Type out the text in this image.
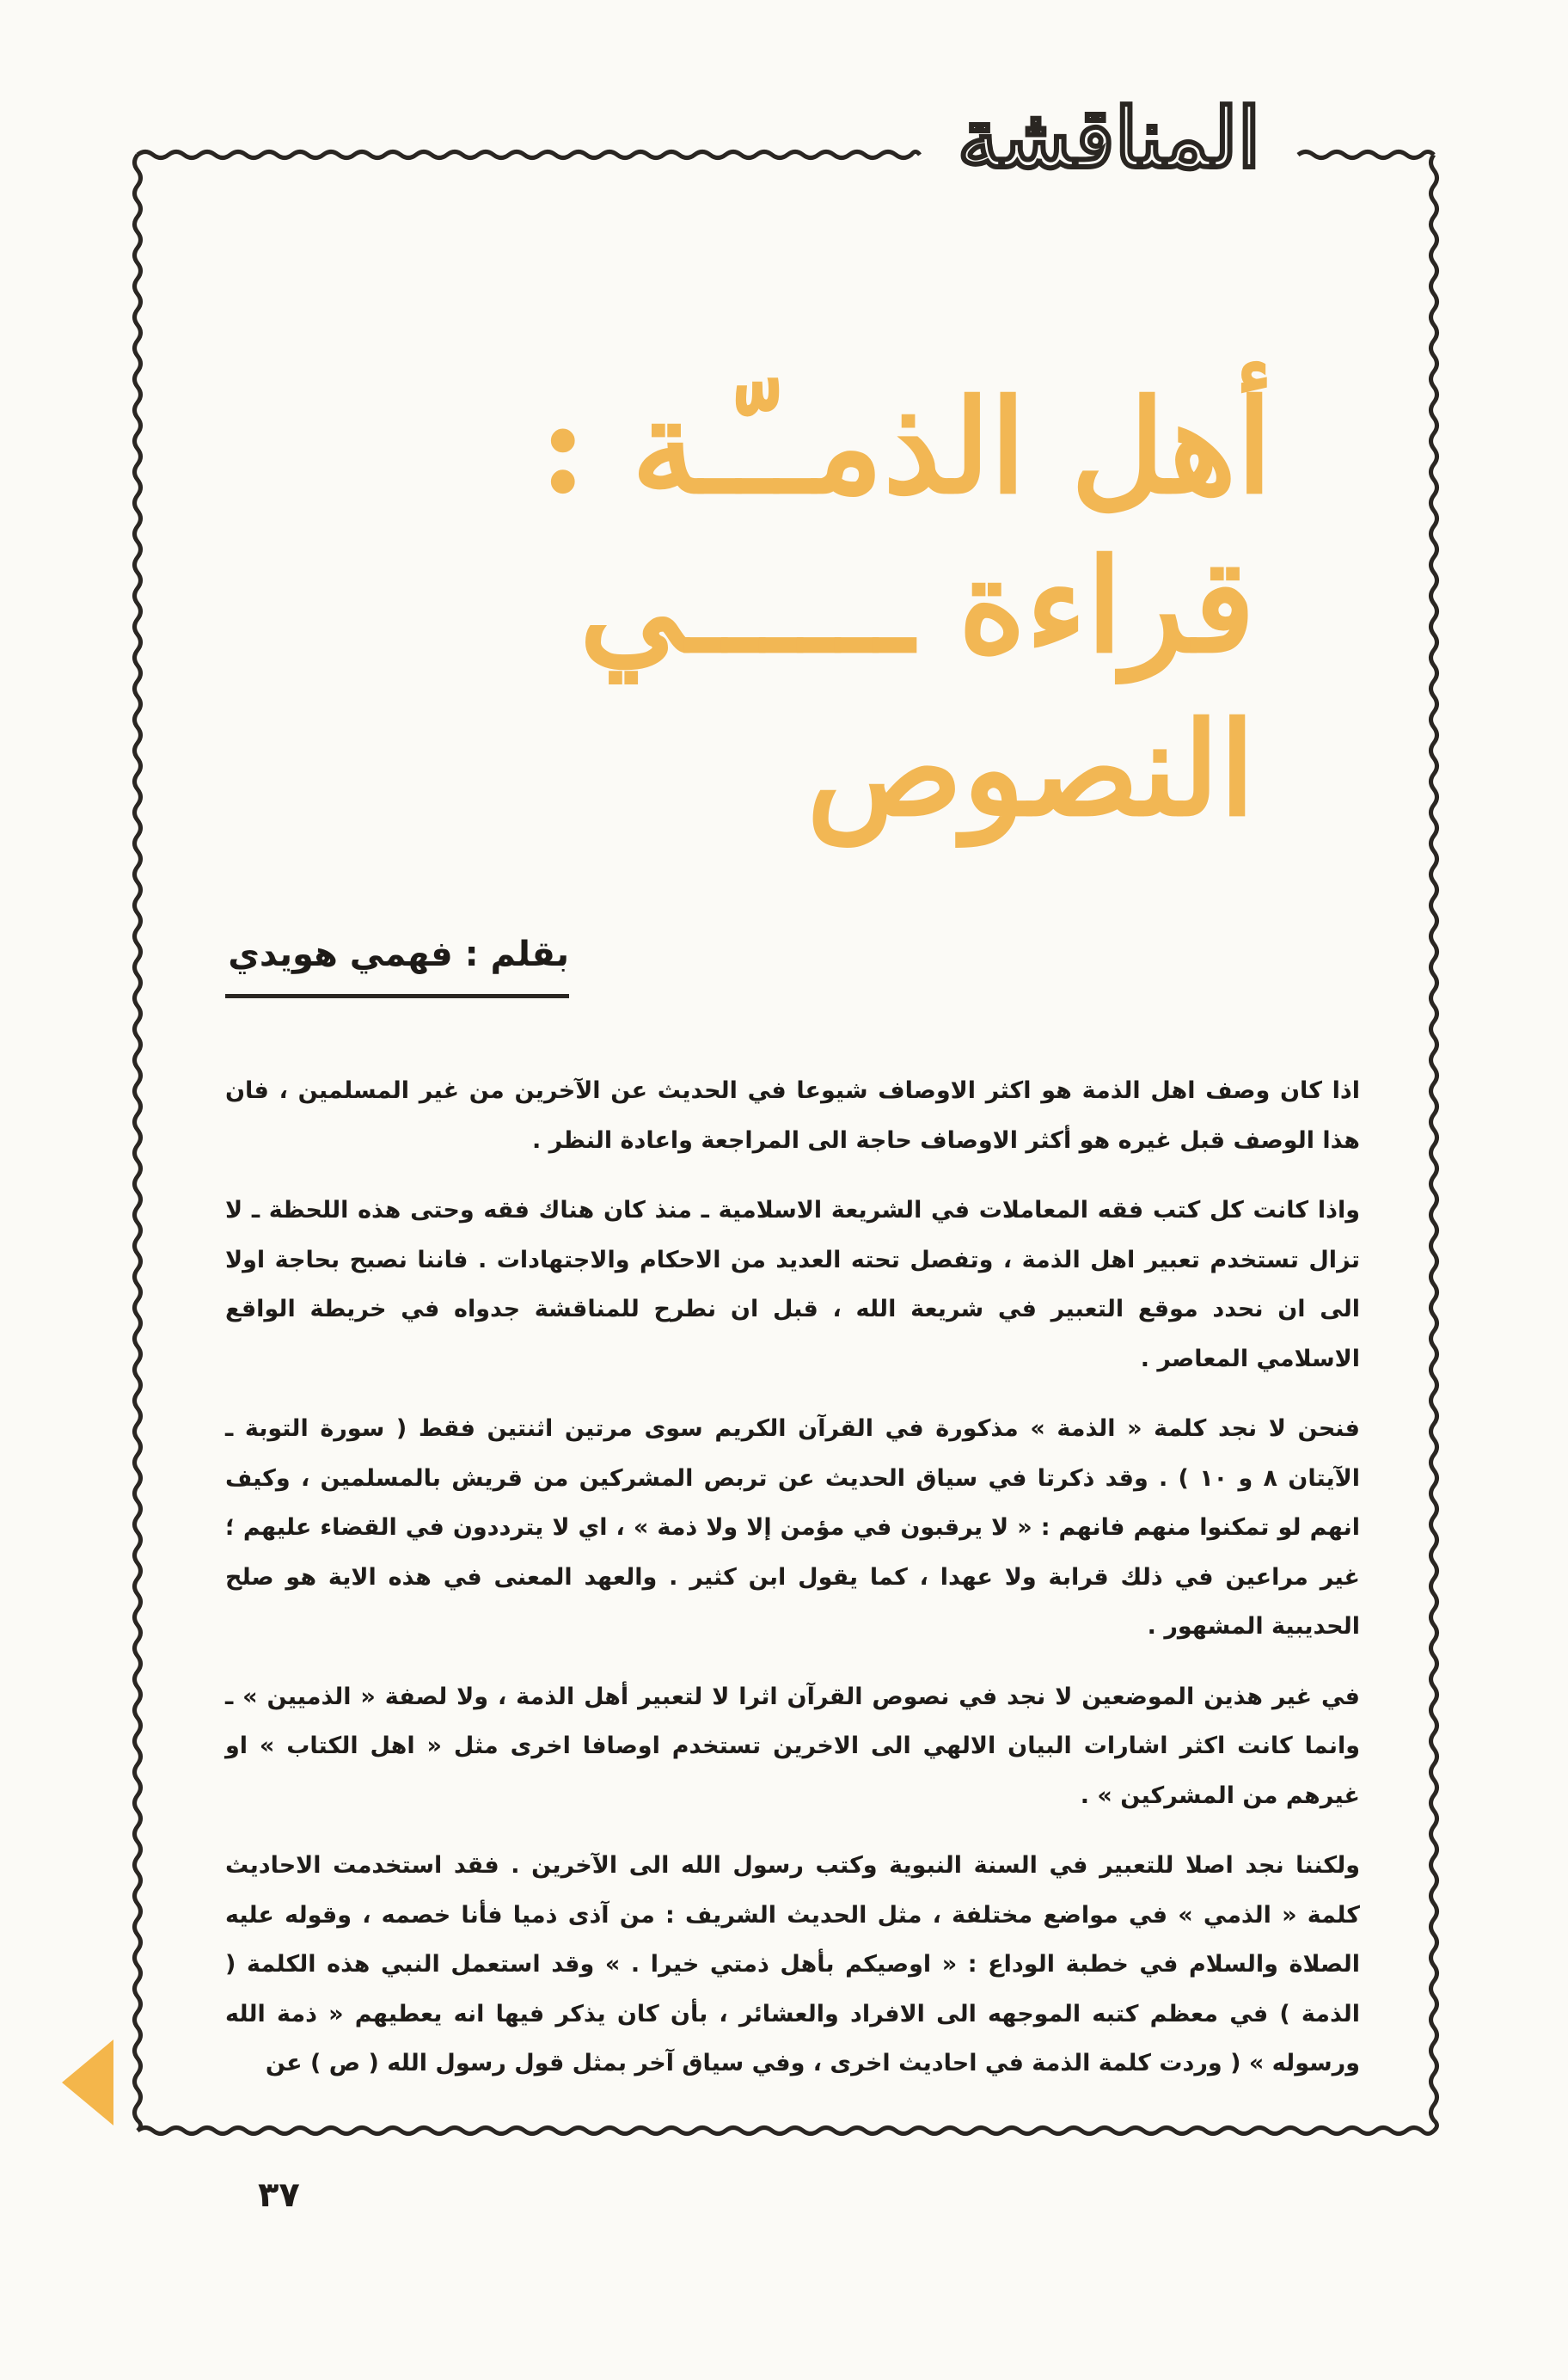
المناقشة
أهل الذمــّـة :
قراءة ــــــي النصوص
بقلم : فهمي هويدي

اذا كان وصف اهل الذمة هو اكثر الاوصاف شيوعا في الحديث عن الآخرين من غير المسلمين ، فان هذا الوصف قبل غيره هو أكثر الاوصاف حاجة الى المراجعة واعادة النظر .

واذا كانت كل كتب فقه المعاملات في الشريعة الاسلامية ـ منذ كان هناك فقه وحتى هذه اللحظة ـ لا تزال تستخدم تعبير اهل الذمة ، وتفصل تحته العديد من الاحكام والاجتهادات . فاننا نصبح بحاجة اولا الى ان نحدد موقع التعبير في شريعة الله ، قبل ان نطرح للمناقشة جدواه في خريطة الواقع الاسلامي المعاصر .

فنحن لا نجد كلمة « الذمة » مذكورة في القرآن الكريم سوى مرتين اثنتين فقط ( سورة التوبة ـ الآيتان ٨ و ١٠ ) . وقد ذكرتا في سياق الحديث عن تربص المشركين من قريش بالمسلمين ، وكيف انهم لو تمكنوا منهم فانهم : « لا يرقبون في مؤمن إلا ولا ذمة » ، اي لا يترددون في القضاء عليهم ؛ غير مراعين في ذلك قرابة ولا عهدا ، كما يقول ابن كثير . والعهد المعنى في هذه الاية هو صلح الحديبية المشهور .

في غير هذين الموضعين لا نجد في نصوص القرآن اثرا لا لتعبير أهل الذمة ، ولا لصفة « الذميين » ـ وانما كانت اكثر اشارات البيان الالهي الى الاخرين تستخدم اوصافا اخرى مثل « اهل الكتاب » او غيرهم من المشركين » .

ولكننا نجد اصلا للتعبير في السنة النبوية وكتب رسول الله الى الآخرين . فقد استخدمت الاحاديث كلمة « الذمي » في مواضع مختلفة ، مثل الحديث الشريف : من آذى ذميا فأنا خصمه ، وقوله عليه الصلاة والسلام في خطبة الوداع : « اوصيكم بأهل ذمتي خيرا . » وقد استعمل النبي هذه الكلمة ( الذمة ) في معظم كتبه الموجهه الى الافراد والعشائر ، بأن كان يذكر فيها انه يعطيهم « ذمة الله ورسوله » ( وردت كلمة الذمة في احاديث اخرى ، وفي سياق آخر بمثل قول رسول الله ( ص ) عن

٣٧
